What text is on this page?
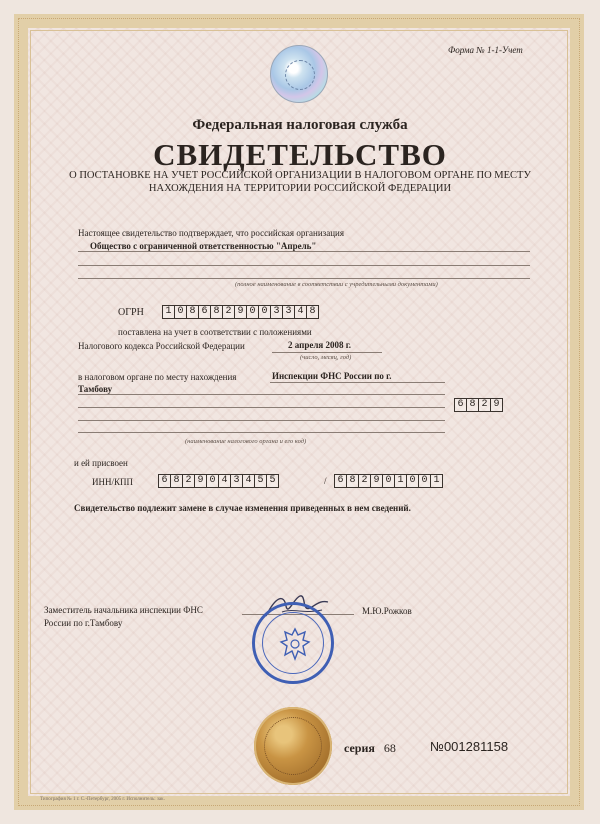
Форма № 1-1-Учет
Федеральная налоговая служба
СВИДЕТЕЛЬСТВО
О ПОСТАНОВКЕ НА УЧЕТ РОССИЙСКОЙ ОРГАНИЗАЦИИ В НАЛОГОВОМ ОРГАНЕ ПО МЕСТУ НАХОЖДЕНИЯ НА ТЕРРИТОРИИ РОССИЙСКОЙ ФЕДЕРАЦИИ
Настоящее свидетельство подтверждает, что российская организация
Общество с ограниченной ответственностью "Апрель"
(полное наименование в соответствии с учредительными документами)
ОГРН	1 0 8 6 8 2 9 0 0 3 3 4 8
поставлена на учет в соответствии с положениями
Налогового кодекса Российской Федерации	2 апреля 2008 г.
(число, месяц, год)
в налоговом органе по месту нахождения	Инспекции ФНС России по г.
Тамбову
6 8 2 9
(наименование налогового органа и его код)
и ей присвоен
ИНН/КПП	6 8 2 9 0 4 3 4 5 5	/	6 8 2 9 0 1 0 0 1
Свидетельство подлежит замене в случае изменения приведенных в нем сведений.
Заместитель начальника инспекции ФНС
России по г.Тамбову
М.Ю.Рожков
серия 68	№001281158
Типография № 1 г. С.-Петербург, 2005 г. Исполнитель: зак.
